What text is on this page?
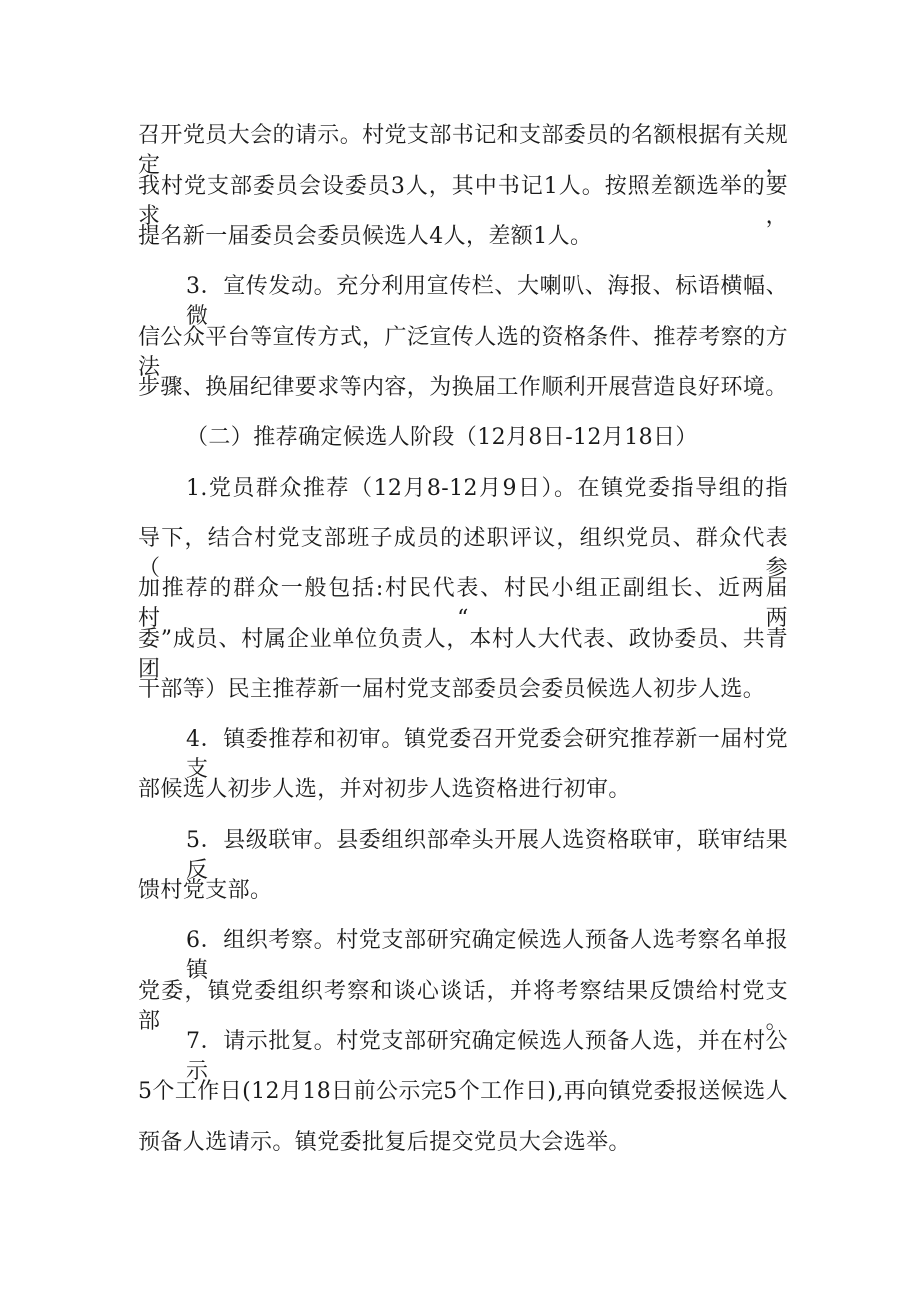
召开党员大会的请示。村党支部书记和支部委员的名额根据有关规定，

我村党支部委员会设委员3人，其中书记1人。按照差额选举的要求，

提名新一届委员会委员候选人4人，差额1人。

3．宣传发动。充分利用宣传栏、大喇叭、海报、标语横幅、微

信公众平台等宣传方式，广泛宣传人选的资格条件、推荐考察的方法

步骤、换届纪律要求等内容，为换届工作顺利开展营造良好环境。

（二）推荐确定候选人阶段（12月8日-12月18日）

1.党员群众推荐（12月8-12月9日）。在镇党委指导组的指

导下，结合村党支部班子成员的述职评议，组织党员、群众代表（参

加推荐的群众一般包括:村民代表、村民小组正副组长、近两届村“两

委”成员、村属企业单位负责人，本村人大代表、政协委员、共青团

干部等）民主推荐新一届村党支部委员会委员候选人初步人选。

4．镇委推荐和初审。镇党委召开党委会研究推荐新一届村党支

部候选人初步人选，并对初步人选资格进行初审。

5．县级联审。县委组织部牵头开展人选资格联审，联审结果反

馈村党支部。

6．组织考察。村党支部研究确定候选人预备人选考察名单报镇

党委，镇党委组织考察和谈心谈话，并将考察结果反馈给村党支部。

7．请示批复。村党支部研究确定候选人预备人选，并在村公示

5个工作日(12月18日前公示完5个工作日),再向镇党委报送候选人

预备人选请示。镇党委批复后提交党员大会选举。
